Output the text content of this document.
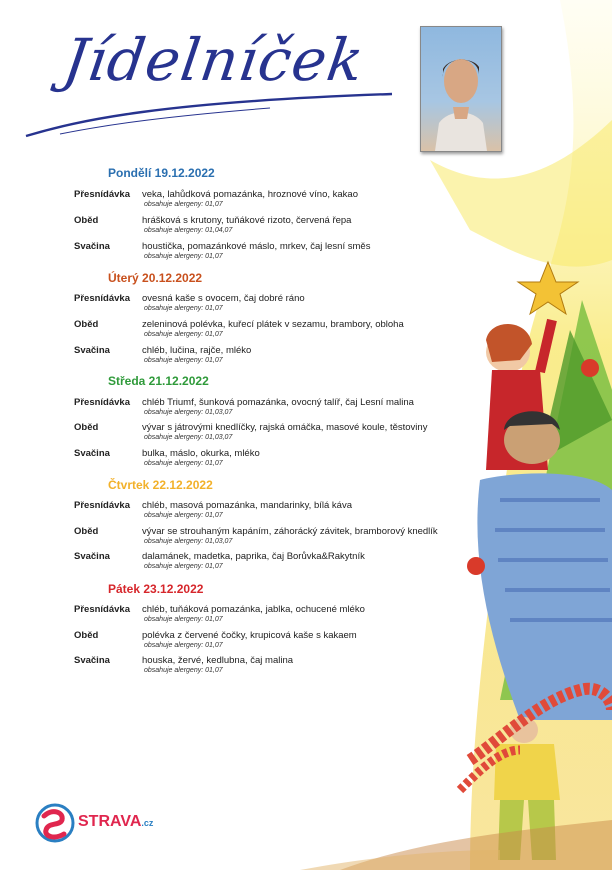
Jídelníček
Pondělí 19.12.2022
Přesnídávka veka, lahůdková pomazánka, hroznové víno, kakao
obsahuje alergeny: 01,07
Oběd	hrášková s krutony, tuňákové rizoto, červená řepa
obsahuje alergeny: 01,04,07
Svačina	houstička, pomazánkové máslo, mrkev, čaj lesní směs
obsahuje alergeny: 01,07
Úterý 20.12.2022
Přesnídávka ovesná kaše s ovocem, čaj dobré ráno
obsahuje alergeny: 01,07
Oběd	zeleninová polévka, kuřecí plátek v sezamu, brambory, obloha
obsahuje alergeny: 01,07
Svačina	chléb, lučina, rajče, mléko
obsahuje alergeny: 01,07
Středa 21.12.2022
Přesnídávka chléb Triumf, šunková pomazánka, ovocný talíř, čaj Lesní malina
obsahuje alergeny: 01,03,07
Oběd	vývar s játrovými knedlíčky, rajská omáčka, masové koule, těstoviny
obsahuje alergeny: 01,03,07
Svačina	bulka, máslo, okurka, mléko
obsahuje alergeny: 01,07
Čtvrtek 22.12.2022
Přesnídávka chléb, masová pomazánka, mandarinky, bílá káva
obsahuje alergeny: 01,07
Oběd	vývar se strouhaným kapáním, záhorácký závitek, bramborový knedlík
obsahuje alergeny: 01,03,07
Svačina	dalamánek, madetka, paprika, čaj Borůvka&Rakytník
obsahuje alergeny: 01,07
Pátek 23.12.2022
Přesnídávka chléb, tuňáková pomazánka, jablka, ochucené mléko
obsahuje alergeny: 01,07
Oběd	polévka z červené čočky, krupicová kaše s kakaem
obsahuje alergeny: 01,07
Svačina	houska, žervé, kedlubna, čaj malina
obsahuje alergeny: 01,07
STRAVA.cz
